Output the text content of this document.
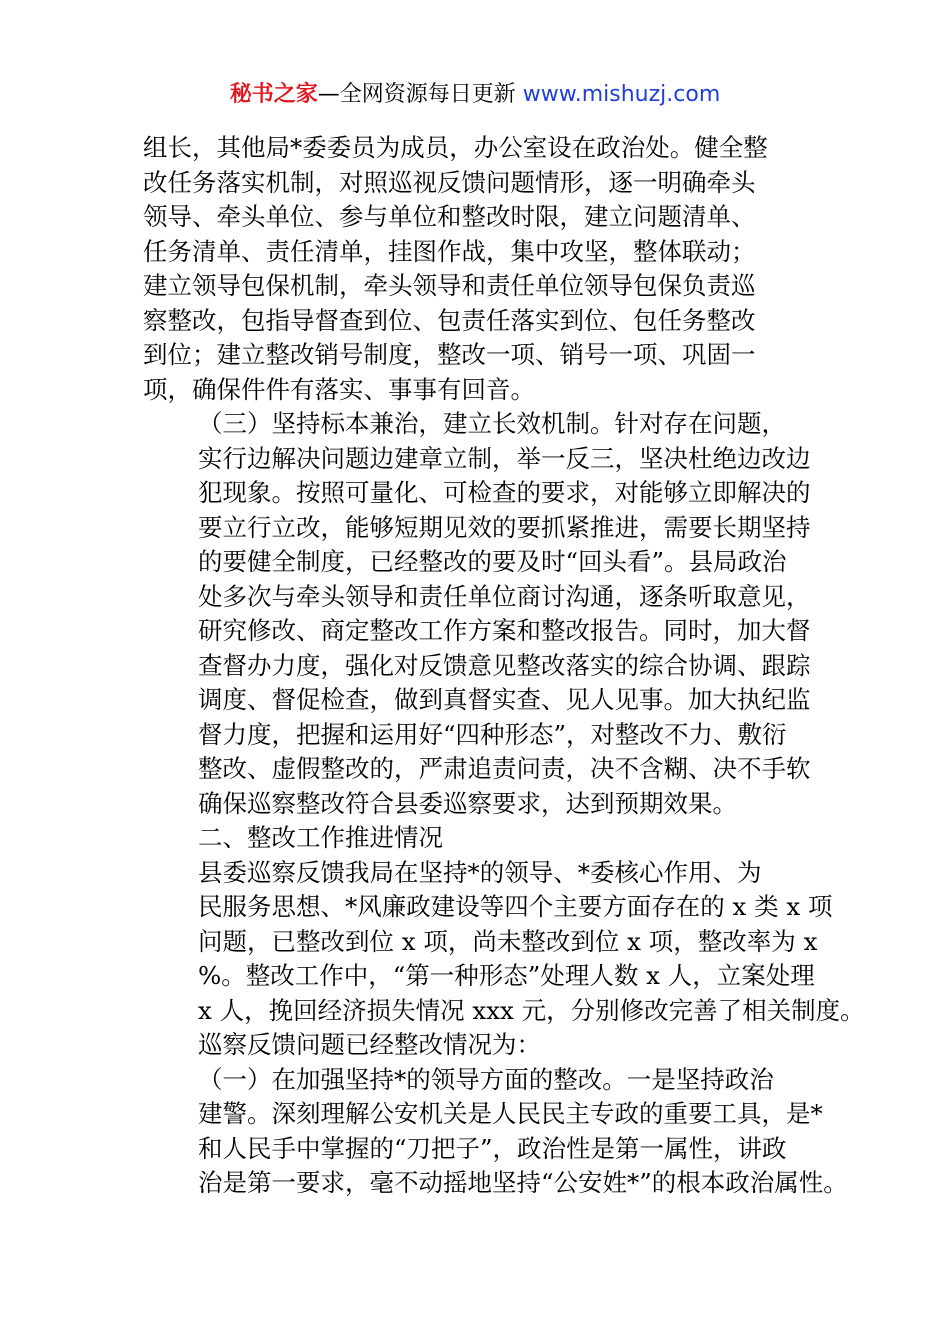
秘书之家—全网资源每日更新 www.mishuzj.com

组长，其他局*委委员为成员，办公室设在政治处。健全整
改任务落实机制，对照巡视反馈问题情形，逐一明确牵头
领导、牵头单位、参与单位和整改时限，建立问题清单、
任务清单、责任清单，挂图作战，集中攻坚，整体联动；
建立领导包保机制，牵头领导和责任单位领导包保负责巡
察整改，包指导督查到位、包责任落实到位、包任务整改
到位；建立整改销号制度，整改一项、销号一项、巩固一
项，确保件件有落实、事事有回音。

（三）坚持标本兼治，建立长效机制。针对存在问题，
实行边解决问题边建章立制，举一反三，坚决杜绝边改边
犯现象。按照可量化、可检查的要求，对能够立即解决的
要立行立改，能够短期见效的要抓紧推进，需要长期坚持
的要健全制度，已经整改的要及时“回头看”。县局政治
处多次与牵头领导和责任单位商讨沟通，逐条听取意见，
研究修改、商定整改工作方案和整改报告。同时，加大督
查督办力度，强化对反馈意见整改落实的综合协调、跟踪
调度、督促检查，做到真督实查、见人见事。加大执纪监
督力度，把握和运用好“四种形态”，对整改不力、敷衍
整改、虚假整改的，严肃追责问责，决不含糊、决不手软
确保巡察整改符合县委巡察要求，达到预期效果。

二、整改工作推进情况

县委巡察反馈我局在坚持*的领导、*委核心作用、为
民服务思想、*风廉政建设等四个主要方面存在的 x 类 x 项
问题，已整改到位 x 项，尚未整改到位 x 项，整改率为 x
%。整改工作中，“第一种形态”处理人数 x 人，立案处理
x 人，挽回经济损失情况 xxx 元，分别修改完善了相关制度。
巡察反馈问题已经整改情况为：

（一）在加强坚持*的领导方面的整改。一是坚持政治
建警。深刻理解公安机关是人民民主专政的重要工具，是*
和人民手中掌握的“刀把子”，政治性是第一属性，讲政
治是第一要求，毫不动摇地坚持“公安姓*”的根本政治属性。
